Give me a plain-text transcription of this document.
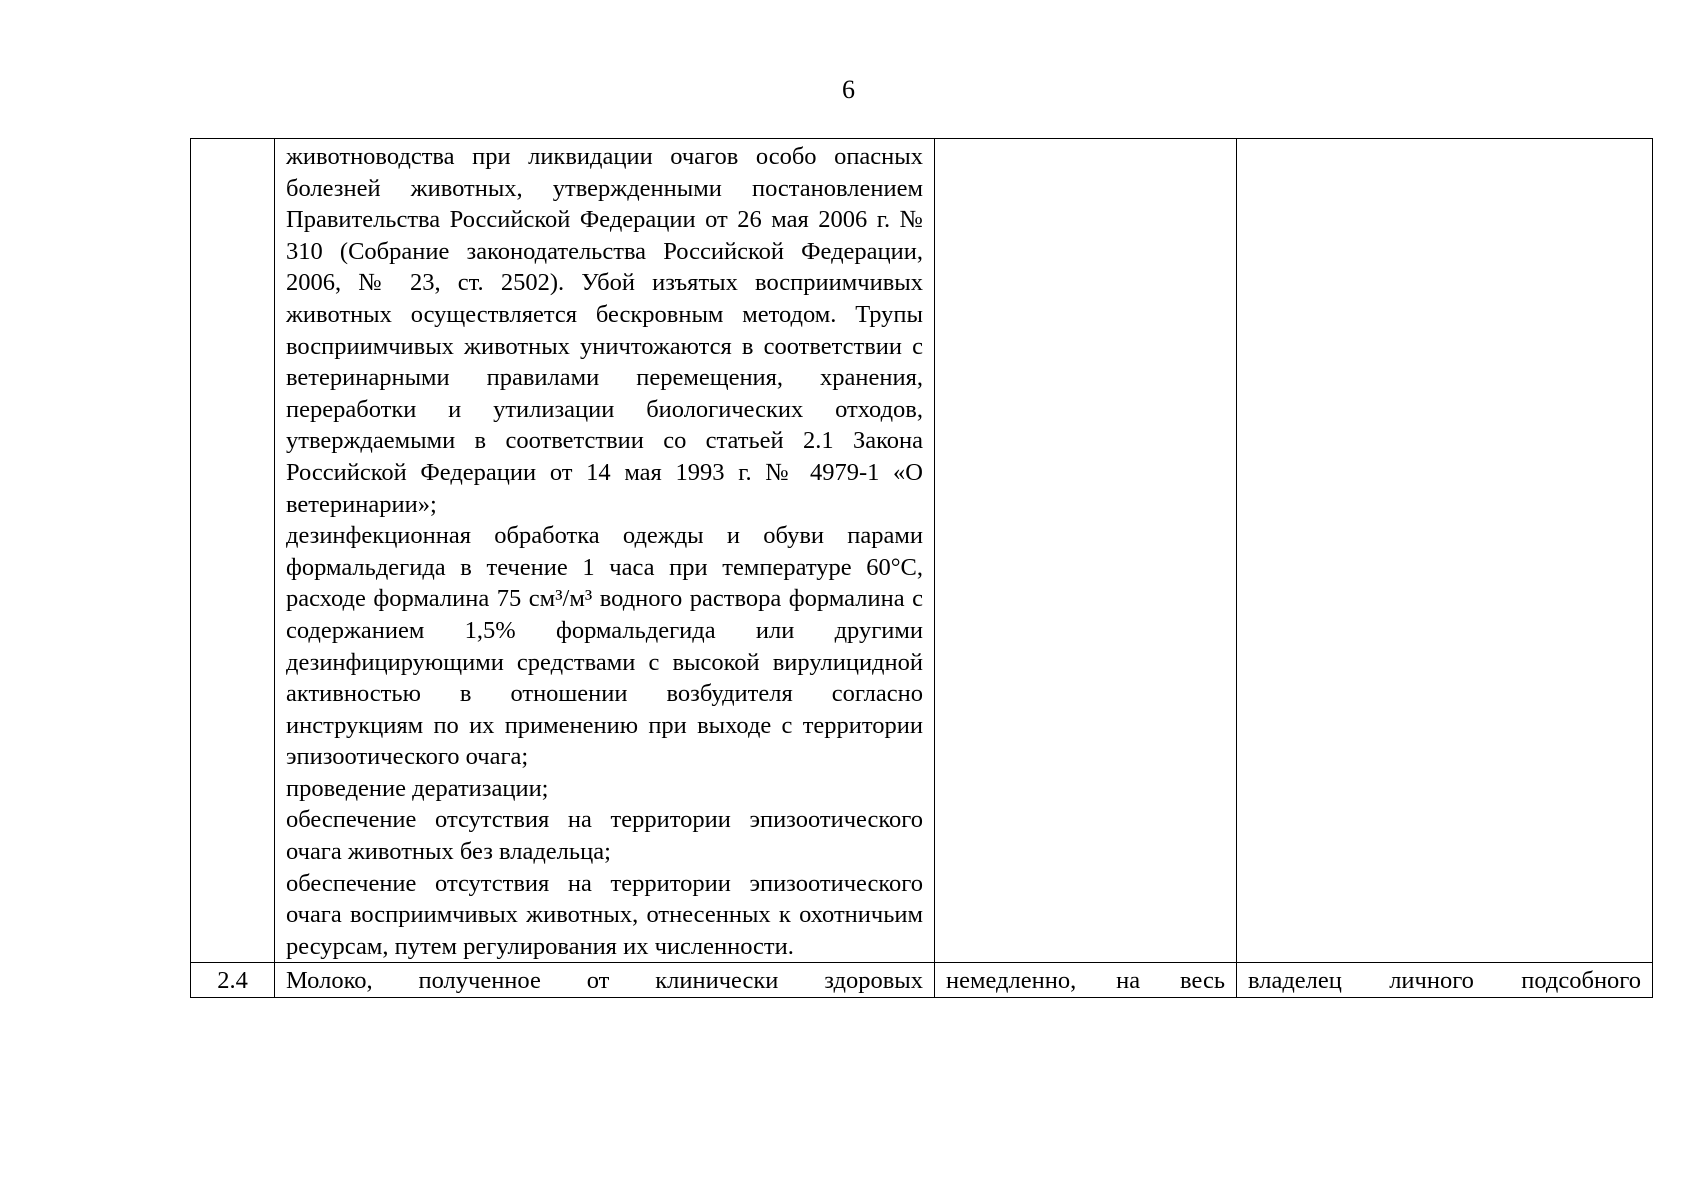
6

	животноводства при ликвидации очагов особо опасных болезней животных, утвержденными постановлением Правительства Российской Федерации от 26 мая 2006 г. № 310 (Собрание законодательства Российской Федерации, 2006, № 23, ст. 2502). Убой изъятых восприимчивых животных осуществляется бескровным методом. Трупы восприимчивых животных уничтожаются в соответствии с ветеринарными правилами перемещения, хранения, переработки и утилизации биологических отходов, утверждаемыми в соответствии со статьей 2.1 Закона Российской Федерации от 14 мая 1993 г. № 4979-1 «О ветеринарии»;

дезинфекционная обработка одежды и обуви парами формальдегида в течение 1 часа при температуре 60°С, расходе формалина 75 см³/м³ водного раствора формалина с содержанием 1,5% формальдегида или другими дезинфицирующими средствами с высокой вирулицидной активностью в отношении возбудителя согласно инструкциям по их применению при выходе с территории эпизоотического очага;

проведение дератизации;

обеспечение отсутствия на территории эпизоотического очага животных без владельца;

обеспечение отсутствия на территории эпизоотического очага восприимчивых животных, отнесенных к охотничьим ресурсам, путем регулирования их численности.		

2.4	Молоко, полученное от клинически здоровых	немедленно, на весь	владелец личного подсобного
